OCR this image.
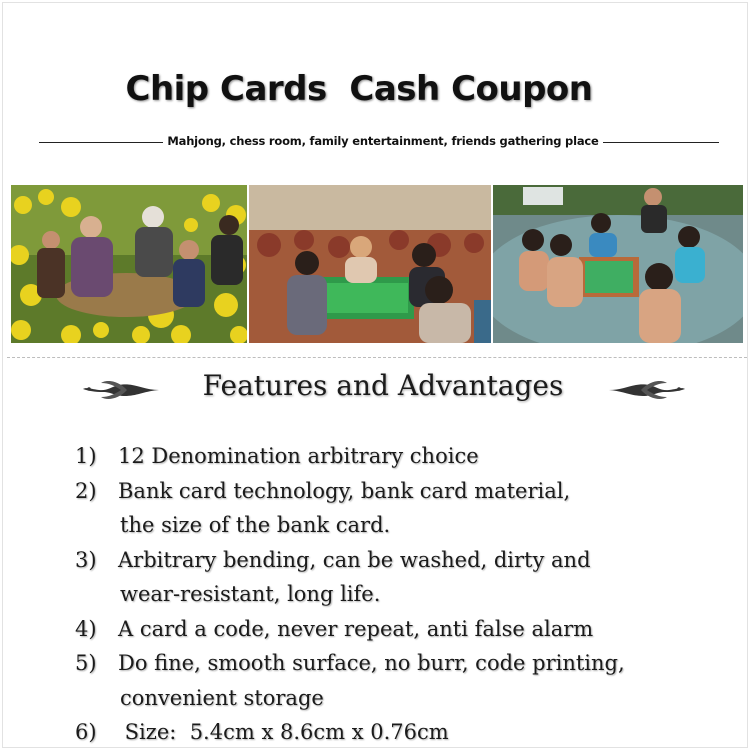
Chip Cards  Cash Coupon
Mahjong, chess room, family entertainment, friends gathering place
Features and Advantages
1)	12 Denomination arbitrary choice
2)	Bank card technology, bank card material,
the size of the bank card.
3)	Arbitrary bending, can be washed, dirty and
wear-resistant, long life.
4)	A card a code, never repeat, anti false alarm
5)	Do fine, smooth surface, no burr, code printing,
convenient storage
6)	Size:  5.4cm x 8.6cm x 0.76cm
